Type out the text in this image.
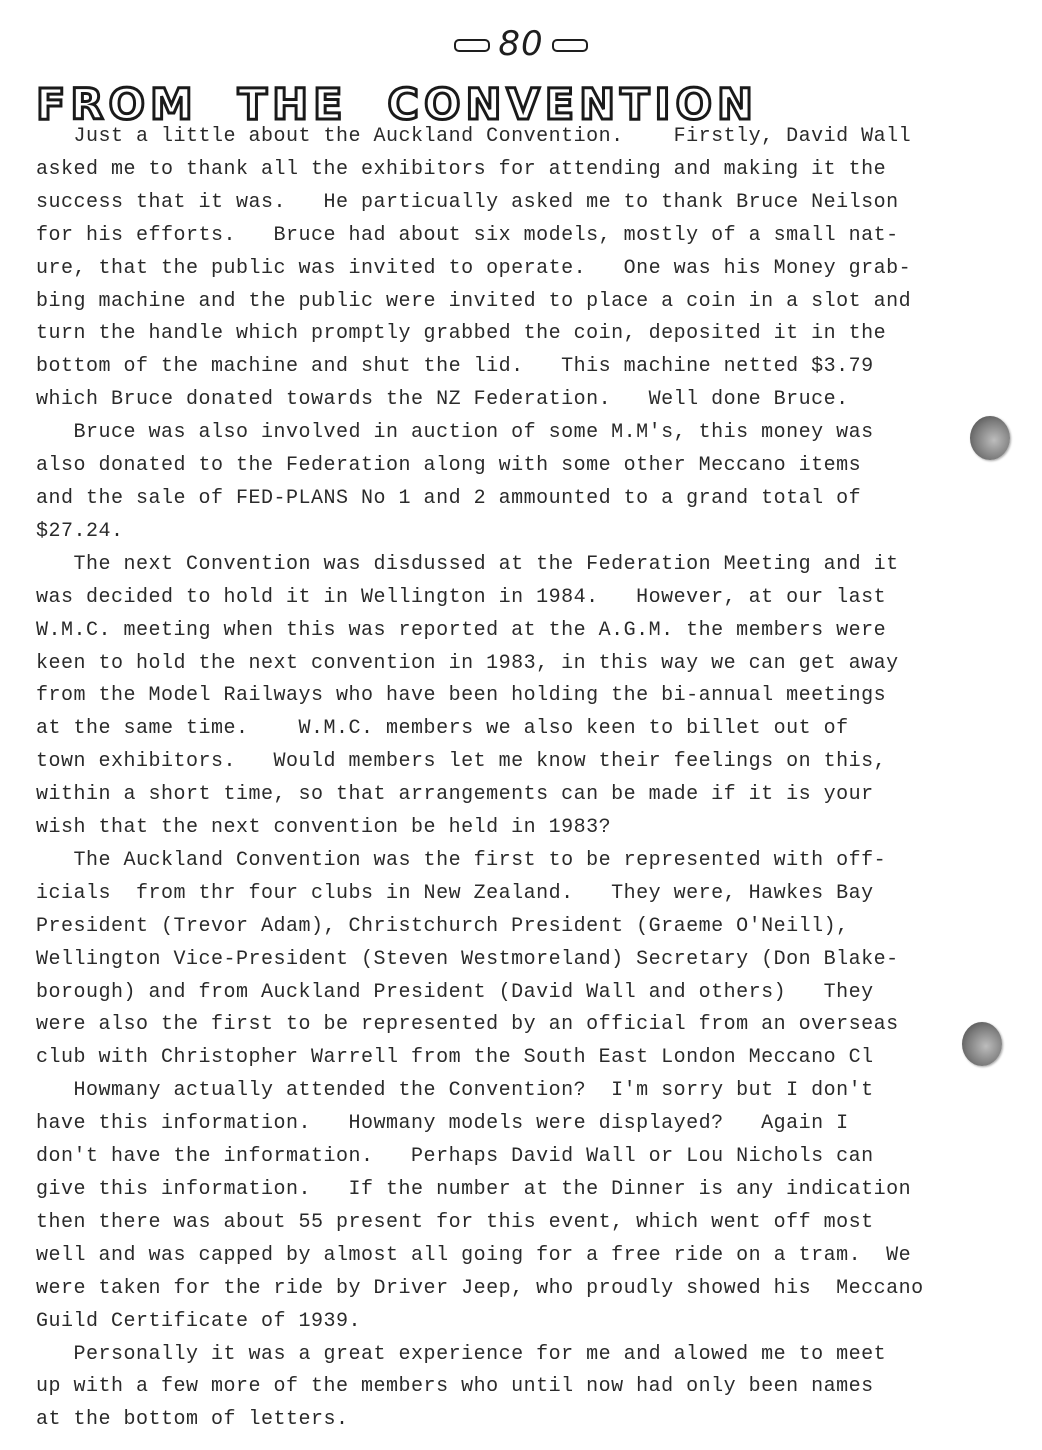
80
FROM  THE  CONVENTION

Just a little about the Auckland Convention.    Firstly, David Wall
asked me to thank all the exhibitors for attending and making it the
success that it was.   He particually asked me to thank Bruce Neilson
for his efforts.   Bruce had about six models, mostly of a small nat-
ure, that the public was invited to operate.   One was his Money grab-
bing machine and the public were invited to place a coin in a slot and
turn the handle which promptly grabbed the coin, deposited it in the
bottom of the machine and shut the lid.   This machine netted $3.79
which Bruce donated towards the NZ Federation.   Well done Bruce.

Bruce was also involved in auction of some M.M's, this money was
also donated to the Federation along with some other Meccano items
and the sale of FED-PLANS No 1 and 2 ammounted to a grand total of
$27.24.

The next Convention was disdussed at the Federation Meeting and it
was decided to hold it in Wellington in 1984.   However, at our last
W.M.C. meeting when this was reported at the A.G.M. the members were
keen to hold the next convention in 1983, in this way we can get away
from the Model Railways who have been holding the bi-annual meetings
at the same time.    W.M.C. members we also keen to billet out of
town exhibitors.   Would members let me know their feelings on this,
within a short time, so that arrangements can be made if it is your
wish that the next convention be held in 1983?

The Auckland Convention was the first to be represented with off-
icials  from thr four clubs in New Zealand.   They were, Hawkes Bay
President (Trevor Adam), Christchurch President (Graeme O'Neill),
Wellington Vice-President (Steven Westmoreland) Secretary (Don Blake-
borough) and from Auckland President (David Wall and others)   They
were also the first to be represented by an official from an overseas
club with Christopher Warrell from the South East London Meccano Cl

Howmany actually attended the Convention?  I'm sorry but I don't
have this information.   Howmany models were displayed?   Again I
don't have the information.   Perhaps David Wall or Lou Nichols can
give this information.   If the number at the Dinner is any indication
then there was about 55 present for this event, which went off most
well and was capped by almost all going for a free ride on a tram.  We
were taken for the ride by Driver Jeep, who proudly showed his  Meccano
Guild Certificate of 1939.

Personally it was a great experience for me and alowed me to meet
up with a few more of the members who until now had only been names
at the bottom of letters.
